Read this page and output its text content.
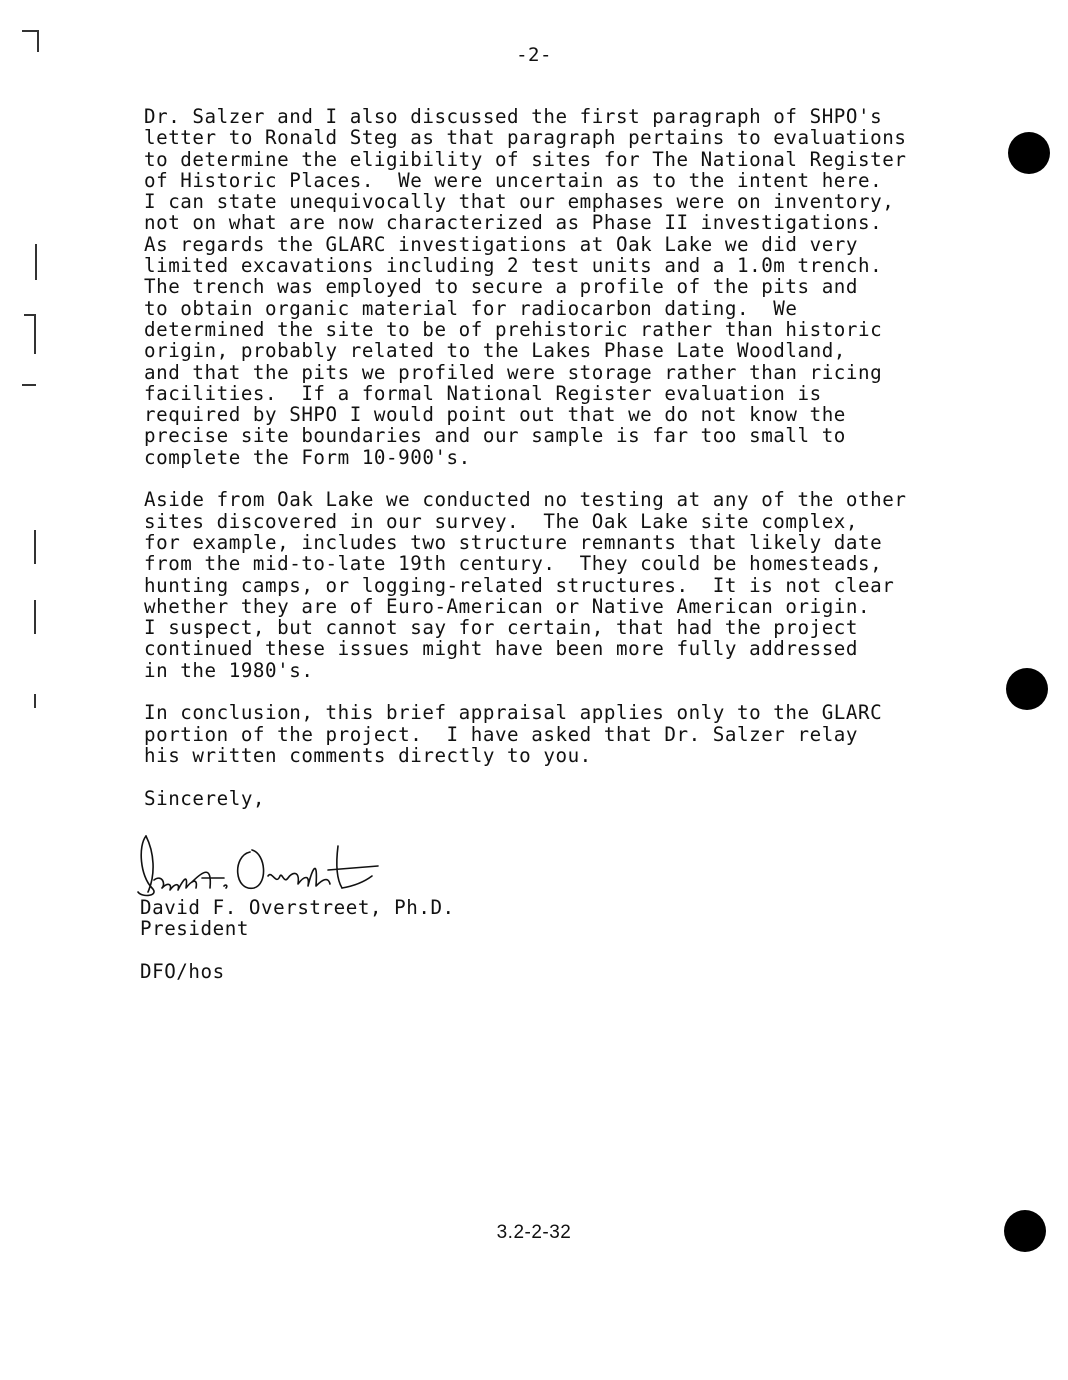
-2-
Dr. Salzer and I also discussed the first paragraph of SHPO's
letter to Ronald Steg as that paragraph pertains to evaluations
to determine the eligibility of sites for The National Register
of Historic Places.  We were uncertain as to the intent here.
I can state unequivocally that our emphases were on inventory,
not on what are now characterized as Phase II investigations.
As regards the GLARC investigations at Oak Lake we did very
limited excavations including 2 test units and a 1.0m trench.
The trench was employed to secure a profile of the pits and
to obtain organic material for radiocarbon dating.  We
determined the site to be of prehistoric rather than historic
origin, probably related to the Lakes Phase Late Woodland,
and that the pits we profiled were storage rather than ricing
facilities.  If a formal National Register evaluation is
required by SHPO I would point out that we do not know the
precise site boundaries and our sample is far too small to
complete the Form 10-900's.
Aside from Oak Lake we conducted no testing at any of the other
sites discovered in our survey.  The Oak Lake site complex,
for example, includes two structure remnants that likely date
from the mid-to-late 19th century.  They could be homesteads,
hunting camps, or logging-related structures.  It is not clear
whether they are of Euro-American or Native American origin.
I suspect, but cannot say for certain, that had the project
continued these issues might have been more fully addressed
in the 1980's.
In conclusion, this brief appraisal applies only to the GLARC
portion of the project.  I have asked that Dr. Salzer relay
his written comments directly to you.
Sincerely,
David F. Overstreet, Ph.D.
President
DFO/hos
3.2-2-32
